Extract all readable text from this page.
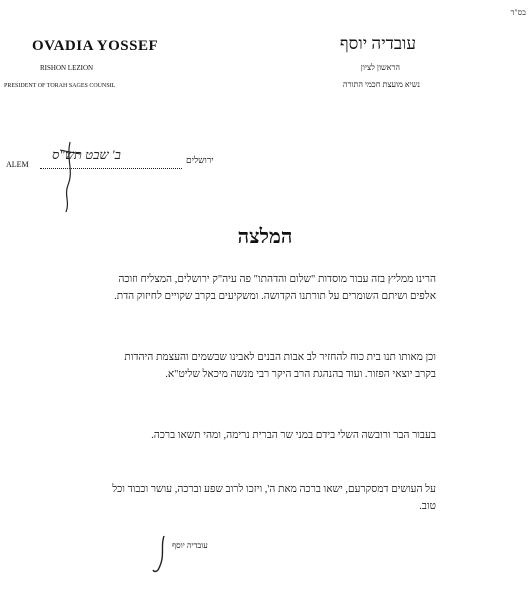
בס"ד
OVADIA YOSSEF
RISHON LEZION
PRESIDENT OF TORAH SAGES COUNSIL
עובדיה יוסף
הראשון לציון
נשיא מועצת חכמי התורה
ALEM
ב' שבט תש"ס	ירושלים
המלצה
הרינו ממליץ בזה עבור מוסדות "שלום והדהתו" פה עיה"ק ירושלים, המצליח וזוכה אלפים ושיתם השומרים על תורתנו הקדושה. ומשקיעים בקרב שקויים לחיזוק הדת.
וכן מאותו תנו בית כוח להחזיר לב אבות הבנים לאבינו שבשמים והעצמת היהדות בקרב יוצאי הפזור. ועוד בהנהגת הרב היקר רבי מנשה מיכאל שליט"א.
בעבור הבר ורובשה השלי בידם במני שר הברית נרימה, ומהי תשאו ברכה.
על העושים דמסקרעם, ישאו ברכה מאת ה', ויזכו לרוב שפע וברכה, עושר וכבוד וכל טוב.
עובדיה יוסף
